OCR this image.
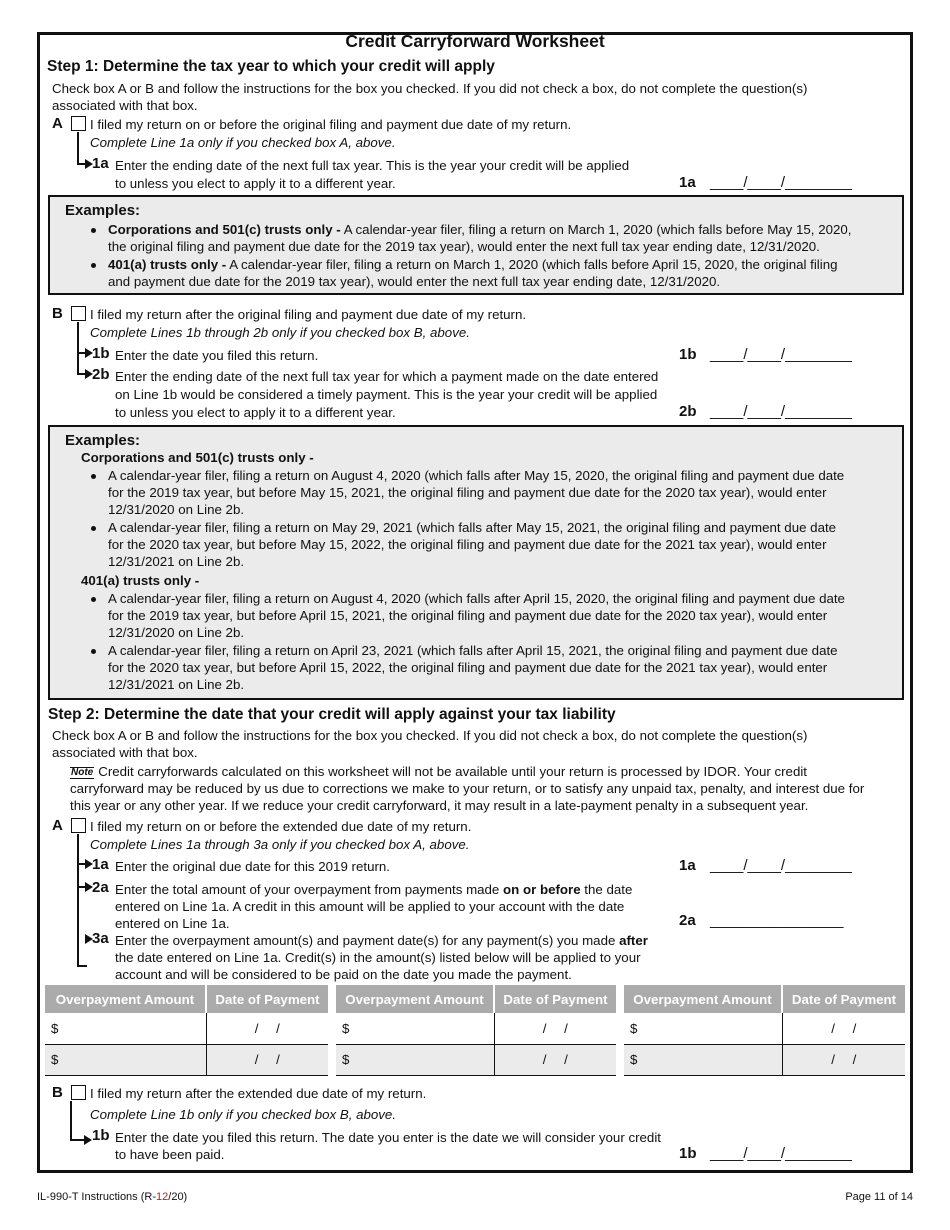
Credit Carryforward Worksheet
Step 1: Determine the tax year to which your credit will apply
Check box A or B and follow the instructions for the box you checked. If you did not check a box, do not complete the question(s)
associated with that box.
A I filed my return on or before the original filing and payment due date of my return.
Complete Line 1a only if you checked box A, above.
1a Enter the ending date of the next full tax year. This is the year your credit will be applied
to unless you elect to apply it to a different year.	1a ____/____/________
Examples:
Corporations and 501(c) trusts only - A calendar-year filer, filing a return on March 1, 2020 (which falls before May 15, 2020,
the original filing and payment due date for the 2019 tax year), would enter the next full tax year ending date, 12/31/2020.
401(a) trusts only - A calendar-year filer, filing a return on March 1, 2020 (which falls before April 15, 2020, the original filing
and payment due date for the 2019 tax year), would enter the next full tax year ending date, 12/31/2020.
B I filed my return after the original filing and payment due date of my return.
Complete Lines 1b through 2b only if you checked box B, above.
1b Enter the date you filed this return.	1b ____/____/________
2b Enter the ending date of the next full tax year for which a payment made on the date entered
on Line 1b would be considered a timely payment. This is the year your credit will be applied
to unless you elect to apply it to a different year.	2b ____/____/________
Examples:
Corporations and 501(c) trusts only -
A calendar-year filer, filing a return on August 4, 2020 (which falls after May 15, 2020, the original filing and payment due date
for the 2019 tax year, but before May 15, 2021, the original filing and payment due date for the 2020 tax year), would enter
12/31/2020 on Line 2b.
A calendar-year filer, filing a return on May 29, 2021 (which falls after May 15, 2021, the original filing and payment due date
for the 2020 tax year, but before May 15, 2022, the original filing and payment due date for the 2021 tax year), would enter
12/31/2021 on Line 2b.
401(a) trusts only -
A calendar-year filer, filing a return on August 4, 2020 (which falls after April 15, 2020, the original filing and payment due date
for the 2019 tax year, but before April 15, 2021, the original filing and payment due date for the 2020 tax year), would enter
12/31/2020 on Line 2b.
A calendar-year filer, filing a return on April 23, 2021 (which falls after April 15, 2021, the original filing and payment due date
for the 2020 tax year, but before April 15, 2022, the original filing and payment due date for the 2021 tax year), would enter
12/31/2021 on Line 2b.
Step 2: Determine the date that your credit will apply against your tax liability
Check box A or B and follow the instructions for the box you checked. If you did not check a box, do not complete the question(s)
associated with that box.
Note Credit carryforwards calculated on this worksheet will not be available until your return is processed by IDOR. Your credit
carryforward may be reduced by us due to corrections we make to your return, or to satisfy any unpaid tax, penalty, and interest due for
this year or any other year. If we reduce your credit carryforward, it may result in a late-payment penalty in a subsequent year.
A I filed my return on or before the extended due date of my return.
Complete Lines 1a through 3a only if you checked box A, above.
1a Enter the original due date for this 2019 return.	1a ____/____/________
2a Enter the total amount of your overpayment from payments made on or before the date
entered on Line 1a. A credit in this amount will be applied to your account with the date
entered on Line 1a.	2a ________________
3a Enter the overpayment amount(s) and payment date(s) for any payment(s) you made after
the date entered on Line 1a. Credit(s) in the amount(s) listed below will be applied to your
account and will be considered to be paid on the date you made the payment.
Overpayment Amount	Date of Payment	Overpayment Amount	Date of Payment	Overpayment Amount	Date of Payment
$	/ /	$	/ /	$	/ /
$	/ /	$	/ /	$	/ /
B I filed my return after the extended due date of my return.
Complete Line 1b only if you checked box B, above.
1b Enter the date you filed this return. The date you enter is the date we will consider your credit
to have been paid.	1b ____/____/________
IL-990-T Instructions (R-12/20)	Page 11 of 14
